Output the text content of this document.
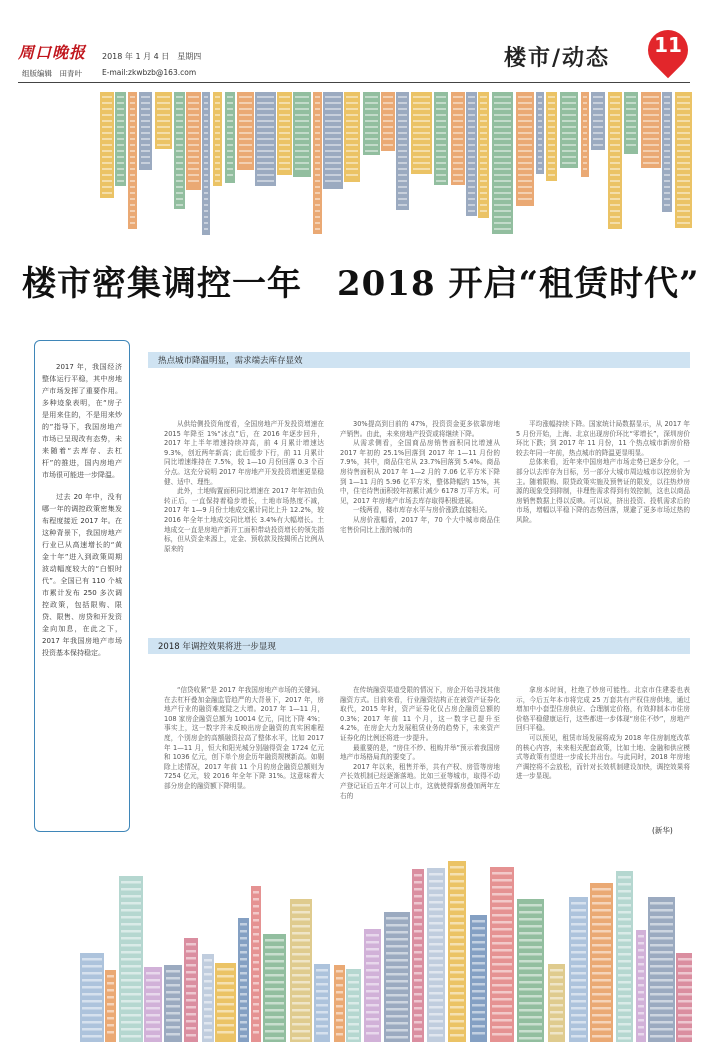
周口晚报 2018 年 1 月 4 日　星期四
组版编辑　田青叶	E-mail:zkwbzb@163.com
楼市/动态	11
楼市密集调控一年　2018 开启“租赁时代”

2017 年，我国经济整体运行平稳，其中房地产市场发挥了重要作用。多种迹象表明，在“房子是用来住的，不是用来炒的”指导下，我国房地产市场已呈现改有态势，未来随着“去库存、去杠杆”的推进，国内房地产市场很可能进一步降温。

过去 20 年中，没有哪一年的调控政策密集发布程度接近 2017 年。在这种背景下，我国房地产行业已从高速增长的“黄金十年”进入到政策周期波动幅度较大的“白银时代”。全国已有 110 个城市累计发布 250 多次调控政策，包括限购、限贷、限售、房贷和开发资金向加息，在此之下，2017 年我国房地产市场投资基本保持稳定。

热点城市降温明显，需求端去库存显效

从供给侧投资角度看，全国房地产开发投资增速在 2015 年降至 1%“冰点”后，在 2016 年逐步回升，2017 年上半年增速持续冲高，前 4 月累计增速达 9.3%，创近两年新高；此后缓步下行，前 11 月累计同比增速维持在 7.5%，较 1—10 月份回落 0.3 个百分点。这充分说明 2017 年房地产开发投资增速更显稳健、适中、理性。

此外，土地购置面积同比增速在 2017 年年初由负转正后，一直保持着稳步增长，土地市场热度不减，2017 年 1—9 月份土地成交累计同比上升 12.2%，较 2016 年全年土地成交同比增长 3.4%有大幅增长。土地成交一直是房地产新开工面积带动投资增长的领先指标，但从资金来源上，定金、预收款及按揭所占比例从原来的

30%提高到目前的 47%，投资资金更多依靠房地产销售。由此，未来房地产投资或将继续下降。

从需求侧看，全国商品房销售面积同比增速从 2017 年初的 25.1%回落到 2017 年 1—11 月份的 7.9%，其中，商品住宅从 23.7%回落到 5.4%。商品房待售面积从 2017 年 1—2 月的 7.06 亿平方米下降到 1—11 月的 5.96 亿平方米，整体降幅约 15%，其中，住宅待售面积较年初累计减少 6178 万平方米。可见，2017 年房地产市场去库存取得积极进展。

一线两看，楼市库存水平与房价涨跌直接相关。

从房价涨幅看，2017 年，70 个大中城市商品住宅售价同比上涨的城市的

平均涨幅持续下降。国家统计局数据显示，从 2017 年 5 月份开始，上海、北京出现房价环比“零增长”，深圳房价环比下跌；到 2017 年 11 月份，11 个热点城市新房价格较去年同一年前，热点城市的降温更显明显。

总体来看，近年来中国房地产市场走势已逐步分化，一部分以去库存为目标，另一部分大城市周边城市以控房价为主。随着限购、限贷政策实施及预售证的限发，以往热炒房源的现象受到抑制，非理性需求得到有效控制，这也以商品房销售数据上得以反映。可以说，挤出投资、投机需求后的市场，增幅以平稳下降的态势回落，规避了更多市场过热的风险。

2018 年调控效果将进一步显现

“信贷收紧”是 2017 年我国房地产市场的关键词。在去杠杆叠加金融监管趋严的大背景下，2017 年，房地产行业的融资难度陡之大增。2017 年 1—11 月，108 家房企融资总额为 10014 亿元，同比下降 4%；事实上，这一数字并未反映出房企融资的真实困难程度，个别房企的高额融资拉高了整体水平，比如 2017 年 1—11 月，恒大和阳光城分别融得资金 1724 亿元和 1036 亿元，创下单个房企历年融资规模新高。如剔除上述情况，2017 年前 11 个月的房企融资总额则为 7254 亿元，较 2016 年全年下降 31%。这意味着大部分房企的融资额下降明显。

在传统融资渠道受限的情况下，房企开始寻找其他融资方式。目前来看，行业融资结构正在被资产证券化取代，2015 年时，资产证券化仅占房企融资总额的 0.3%；2017 年前 11 个月，这一数字已提升至 4.2%，在房企大力发展租赁业务的趋势下，未来资产证券化的比例还将进一步提升。

最重要的是，“房住不炒、租购并举”预示着我国房地产市场格局真的要变了。

2017 年以来，租售并举，共有产权、房管等房地产长效机制已经逐渐落地。比如三亚等城市，取得不动产登记证后五年才可以上市，这就使得新房叠加两年左右的

拿房本时间，杜绝了炒房可能性。北京市住建委也表示，今后五年本市将完成 25 万套共有产权住房供地，通过增加中小套型住房供应、合理制定价格，有效抑制本市住房价格平稳健康运行，这些都进一步体现“房住不炒”，房地产回归平稳。

可以预见，租赁市场发展将成为 2018 年住房制度改革的核心内容，未来相关配套政策，比如土地、金融和供应模式等政策有望进一步成长并出台。与此同时，2018 年房地产调控将不会放松，而针对长效机制建设加快，调控效果将进一步显现。

(新华)
